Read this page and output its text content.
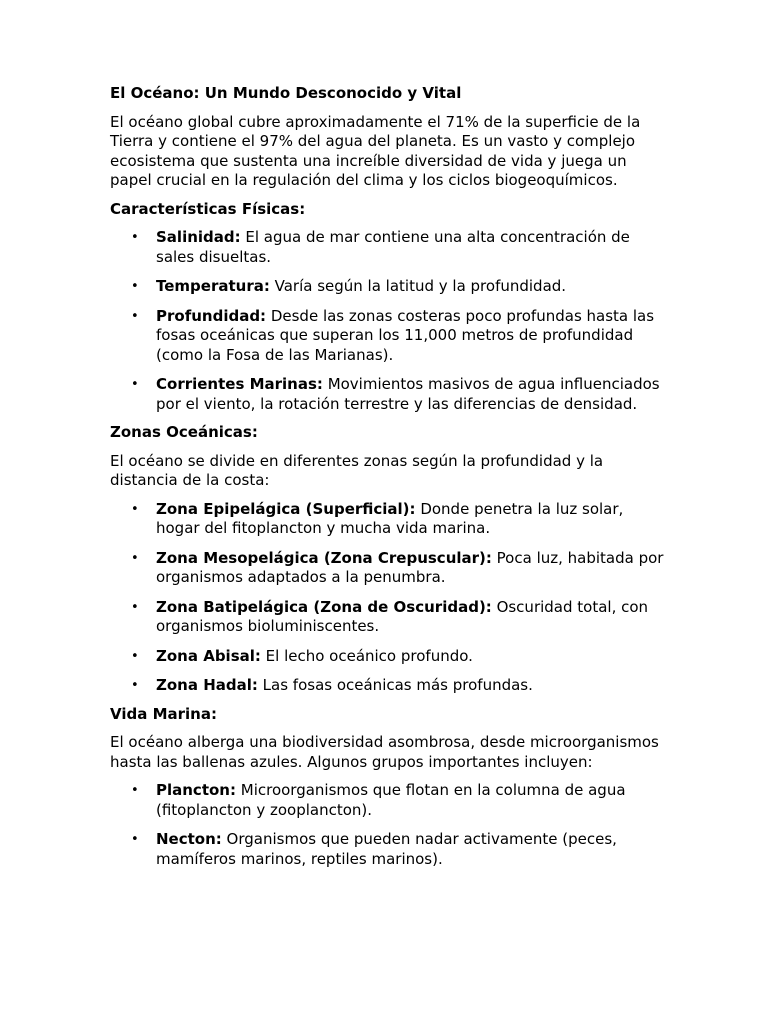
El Océano: Un Mundo Desconocido y Vital
El océano global cubre aproximadamente el 71% de la superficie de la Tierra y contiene el 97% del agua del planeta. Es un vasto y complejo ecosistema que sustenta una increíble diversidad de vida y juega un papel crucial en la regulación del clima y los ciclos biogeoquímicos.
Características Físicas:
• Salinidad: El agua de mar contiene una alta concentración de sales disueltas.
• Temperatura: Varía según la latitud y la profundidad.
• Profundidad: Desde las zonas costeras poco profundas hasta las fosas oceánicas que superan los 11,000 metros de profundidad (como la Fosa de las Marianas).
• Corrientes Marinas: Movimientos masivos de agua influenciados por el viento, la rotación terrestre y las diferencias de densidad.
Zonas Oceánicas:
El océano se divide en diferentes zonas según la profundidad y la distancia de la costa:
• Zona Epipelágica (Superficial): Donde penetra la luz solar, hogar del fitoplancton y mucha vida marina.
• Zona Mesopelágica (Zona Crepuscular): Poca luz, habitada por organismos adaptados a la penumbra.
• Zona Batipelágica (Zona de Oscuridad): Oscuridad total, con organismos bioluminiscentes.
• Zona Abisal: El lecho oceánico profundo.
• Zona Hadal: Las fosas oceánicas más profundas.
Vida Marina:
El océano alberga una biodiversidad asombrosa, desde microorganismos hasta las ballenas azules. Algunos grupos importantes incluyen:
• Plancton: Microorganismos que flotan en la columna de agua (fitoplancton y zooplancton).
• Necton: Organismos que pueden nadar activamente (peces, mamíferos marinos, reptiles marinos).
